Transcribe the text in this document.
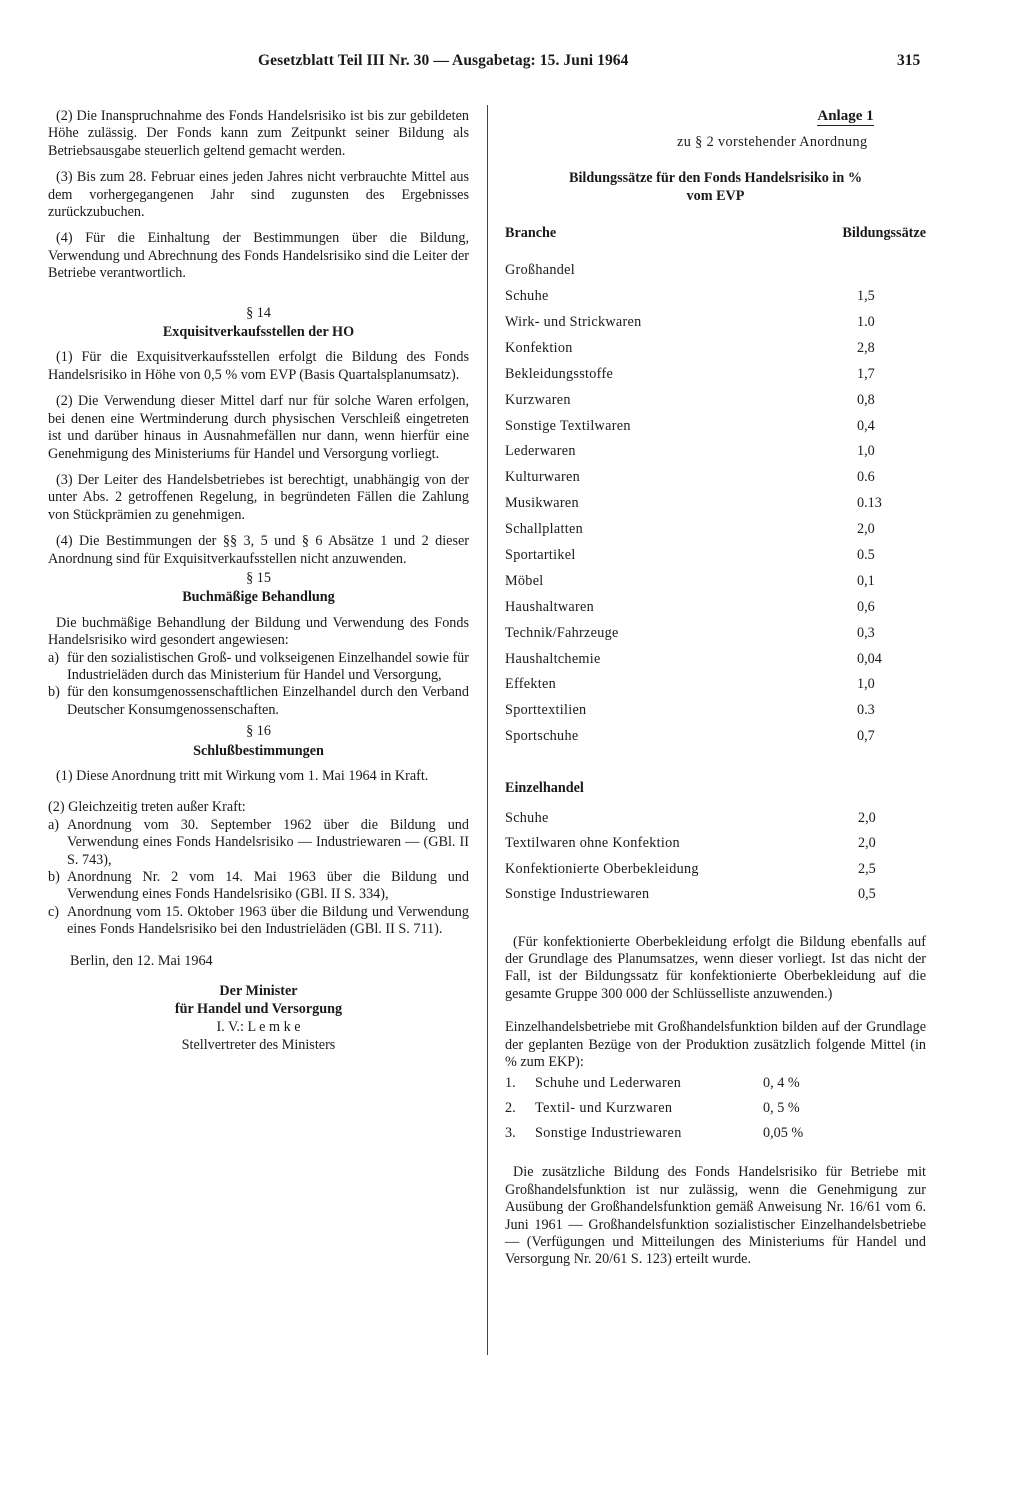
Gesetzblatt Teil III Nr. 30 — Ausgabetag: 15. Juni 1964	315

(2) Die Inanspruchnahme des Fonds Handelsrisiko ist bis zur gebildeten Höhe zulässig. Der Fonds kann zum Zeitpunkt seiner Bildung als Betriebsausgabe steuerlich geltend gemacht werden.

(3) Bis zum 28. Februar eines jeden Jahres nicht verbrauchte Mittel aus dem vorhergegangenen Jahr sind zugunsten des Ergebnisses zurückzubuchen.

(4) Für die Einhaltung der Bestimmungen über die Bildung, Verwendung und Abrechnung des Fonds Handelsrisiko sind die Leiter der Betriebe verantwortlich.

§ 14
Exquisitverkaufsstellen der HO

(1) Für die Exquisitverkaufsstellen erfolgt die Bildung des Fonds Handelsrisiko in Höhe von 0,5 % vom EVP (Basis Quartalsplanumsatz).

(2) Die Verwendung dieser Mittel darf nur für solche Waren erfolgen, bei denen eine Wertminderung durch physischen Verschleiß eingetreten ist und darüber hinaus in Ausnahmefällen nur dann, wenn hierfür eine Genehmigung des Ministeriums für Handel und Versorgung vorliegt.

(3) Der Leiter des Handelsbetriebes ist berechtigt, unabhängig von der unter Abs. 2 getroffenen Regelung, in begründeten Fällen die Zahlung von Stückprämien zu genehmigen.

(4) Die Bestimmungen der §§ 3, 5 und § 6 Absätze 1 und 2 dieser Anordnung sind für Exquisitverkaufsstellen nicht anzuwenden.

§ 15
Buchmäßige Behandlung

Die buchmäßige Behandlung der Bildung und Verwendung des Fonds Handelsrisiko wird gesondert angewiesen:

a) für den sozialistischen Groß- und volkseigenen Einzelhandel sowie für Industrieläden durch das Ministerium für Handel und Versorgung,
b) für den konsumgenossenschaftlichen Einzelhandel durch den Verband Deutscher Konsumgenossenschaften.
§ 16
Schlußbestimmungen

(1) Diese Anordnung tritt mit Wirkung vom 1. Mai 1964 in Kraft.

(2) Gleichzeitig treten außer Kraft:

a) Anordnung vom 30. September 1962 über die Bildung und Verwendung eines Fonds Handelsrisiko — Industriewaren — (GBl. II S. 743),
b) Anordnung Nr. 2 vom 14. Mai 1963 über die Bildung und Verwendung eines Fonds Handelsrisiko (GBl. II S. 334),
c) Anordnung vom 15. Oktober 1963 über die Bildung und Verwendung eines Fonds Handelsrisiko bei den Industrieläden (GBl. II S. 711).

Berlin, den 12. Mai 1964

Der Minister
für Handel und Versorgung
I. V.: L e m k e
Stellvertreter des Ministers
Anlage 1
zu § 2 vorstehender Anordnung
Bildungssätze für den Fonds Handelsrisiko in %
vom EVP
Branche	Bildungssätze
Großhandel
Schuhe	1,5
Wirk- und Strickwaren	1.0
Konfektion	2,8
Bekleidungsstoffe	1,7
Kurzwaren	0,8
Sonstige Textilwaren	0,4
Lederwaren	1,0
Kulturwaren	0.6
Musikwaren	0.13
Schallplatten	2,0
Sportartikel	0.5
Möbel	0,1
Haushaltwaren	0,6
Technik/Fahrzeuge	0,3
Haushaltchemie	0,04
Effekten	1,0
Sporttextilien	0.3
Sportschuhe	0,7
Einzelhandel
Schuhe	2,0
Textilwaren ohne Konfektion	2,0
Konfektionierte Oberbekleidung	2,5
Sonstige Industriewaren	0,5

(Für konfektionierte Oberbekleidung erfolgt die Bildung ebenfalls auf der Grundlage des Planumsatzes, wenn dieser vorliegt. Ist das nicht der Fall, ist der Bildungssatz für konfektionierte Oberbekleidung auf die gesamte Gruppe 300 000 der Schlüsselliste anzuwenden.)

Einzelhandelsbetriebe mit Großhandelsfunktion bilden auf der Grundlage der geplanten Bezüge von der Produktion zusätzlich folgende Mittel (in % zum EKP):

1. Schuhe und Lederwaren	0, 4 %
2. Textil- und Kurzwaren	0, 5 %
3. Sonstige Industriewaren	0,05 %

Die zusätzliche Bildung des Fonds Handelsrisiko für Betriebe mit Großhandelsfunktion ist nur zulässig, wenn die Genehmigung zur Ausübung der Großhandelsfunktion gemäß Anweisung Nr. 16/61 vom 6. Juni 1961 — Großhandelsfunktion sozialistischer Einzelhandelsbetriebe — (Verfügungen und Mitteilungen des Ministeriums für Handel und Versorgung Nr. 20/61 S. 123) erteilt wurde.
